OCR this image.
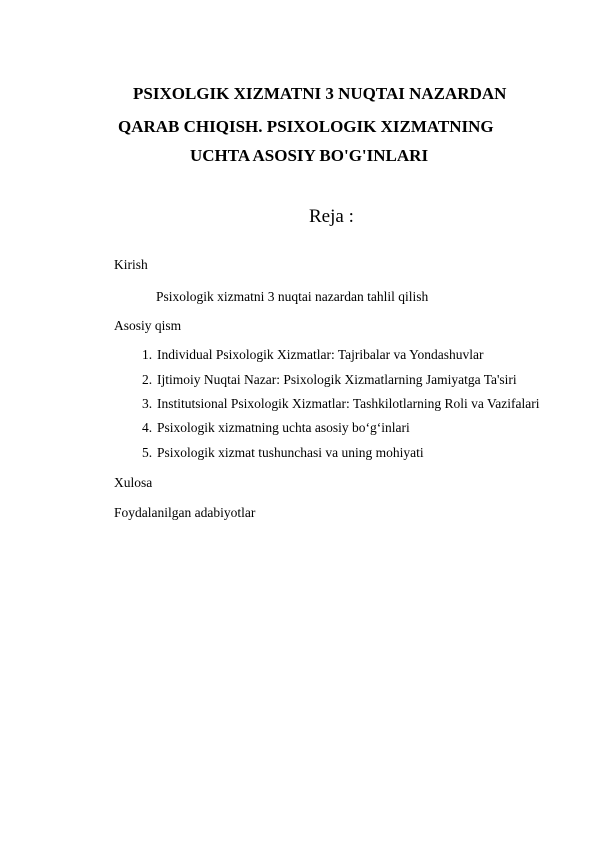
PSIXOLGIK XIZMATNI 3 NUQTAI NAZARDAN
QARAB CHIQISH. PSIXOLOGIK XIZMATNING
UCHTA ASOSIY BO'G'INLARI
Reja :
Kirish
Psixologik xizmatni 3 nuqtai nazardan tahlil qilish
Asosiy qism
1. Individual Psixologik Xizmatlar: Tajribalar va Yondashuvlar
2. Ijtimoiy Nuqtai Nazar: Psixologik Xizmatlarning Jamiyatga Ta'siri
3. Institutsional Psixologik Xizmatlar: Tashkilotlarning Roli va Vazifalari
4. Psixologik xizmatning uchta asosiy bo‘g‘inlari
5. Psixologik xizmat tushunchasi va uning mohiyati
Xulosa
Foydalanilgan adabiyotlar
